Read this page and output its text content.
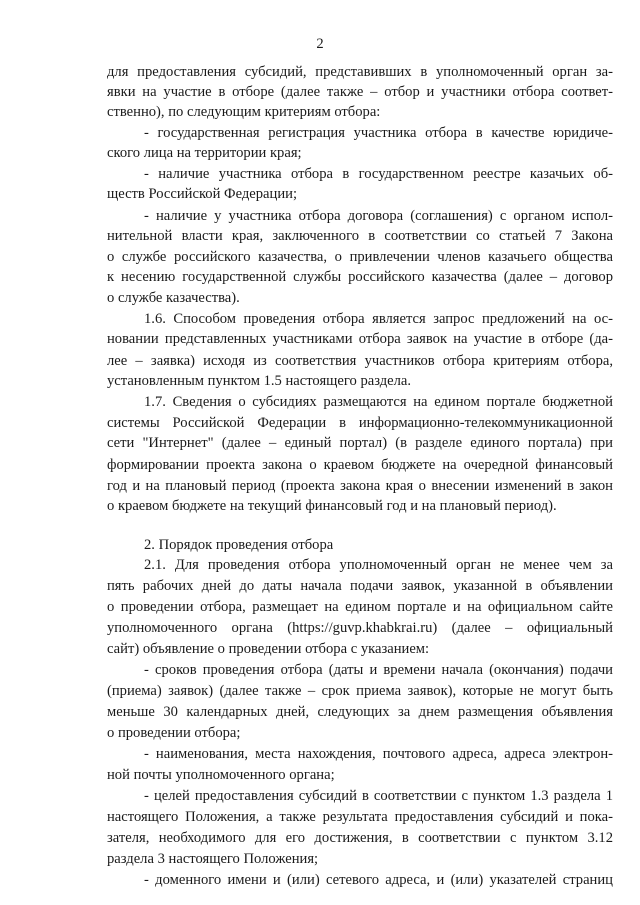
2

для предоставления субсидий, представивших в уполномоченный орган за-

явки на участие в отборе (далее также – отбор и участники отбора соответ-

ственно), по следующим критериям отбора:

- государственная регистрация участника отбора в качестве юридиче-

ского лица на территории края;

- наличие участника отбора в государственном реестре казачьих об-

ществ Российской Федерации;

- наличие у участника отбора договора (соглашения) с органом испол-

нительной власти края, заключенного в соответствии со статьей 7 Закона

о службе российского казачества, о привлечении членов казачьего общества

к несению государственной службы российского казачества (далее – договор

о службе казачества).

1.6. Способом проведения отбора является запрос предложений на ос-

новании представленных участниками отбора заявок на участие в отборе (да-

лее – заявка) исходя из соответствия участников отбора критериям отбора,

установленным пунктом 1.5 настоящего раздела.

1.7. Сведения о субсидиях размещаются на едином портале бюджетной

системы Российской Федерации в информационно-телекоммуникационной

сети "Интернет" (далее – единый портал) (в разделе единого портала) при

формировании проекта закона о краевом бюджете на очередной финансовый

год и на плановый период (проекта закона края о внесении изменений в закон

о краевом бюджете на текущий финансовый год и на плановый период).

2. Порядок проведения отбора

2.1. Для проведения отбора уполномоченный орган не менее чем за

пять рабочих дней до даты начала подачи заявок, указанной в объявлении

о проведении отбора, размещает на едином портале и на официальном сайте

уполномоченного органа (https://guvp.khabkrai.ru) (далее – официальный

сайт) объявление о проведении отбора с указанием:

- сроков проведения отбора (даты и времени начала (окончания) подачи

(приема) заявок) (далее также – срок приема заявок), которые не могут быть

меньше 30 календарных дней, следующих за днем размещения объявления

о проведении отбора;

- наименования, места нахождения, почтового адреса, адреса электрон-

ной почты уполномоченного органа;

- целей предоставления субсидий в соответствии с пунктом 1.3 раздела 1

настоящего Положения, а также результата предоставления субсидий и пока-

зателя, необходимого для его достижения, в соответствии с пунктом 3.12

раздела 3 настоящего Положения;

- доменного имени и (или) сетевого адреса, и (или) указателей страниц
